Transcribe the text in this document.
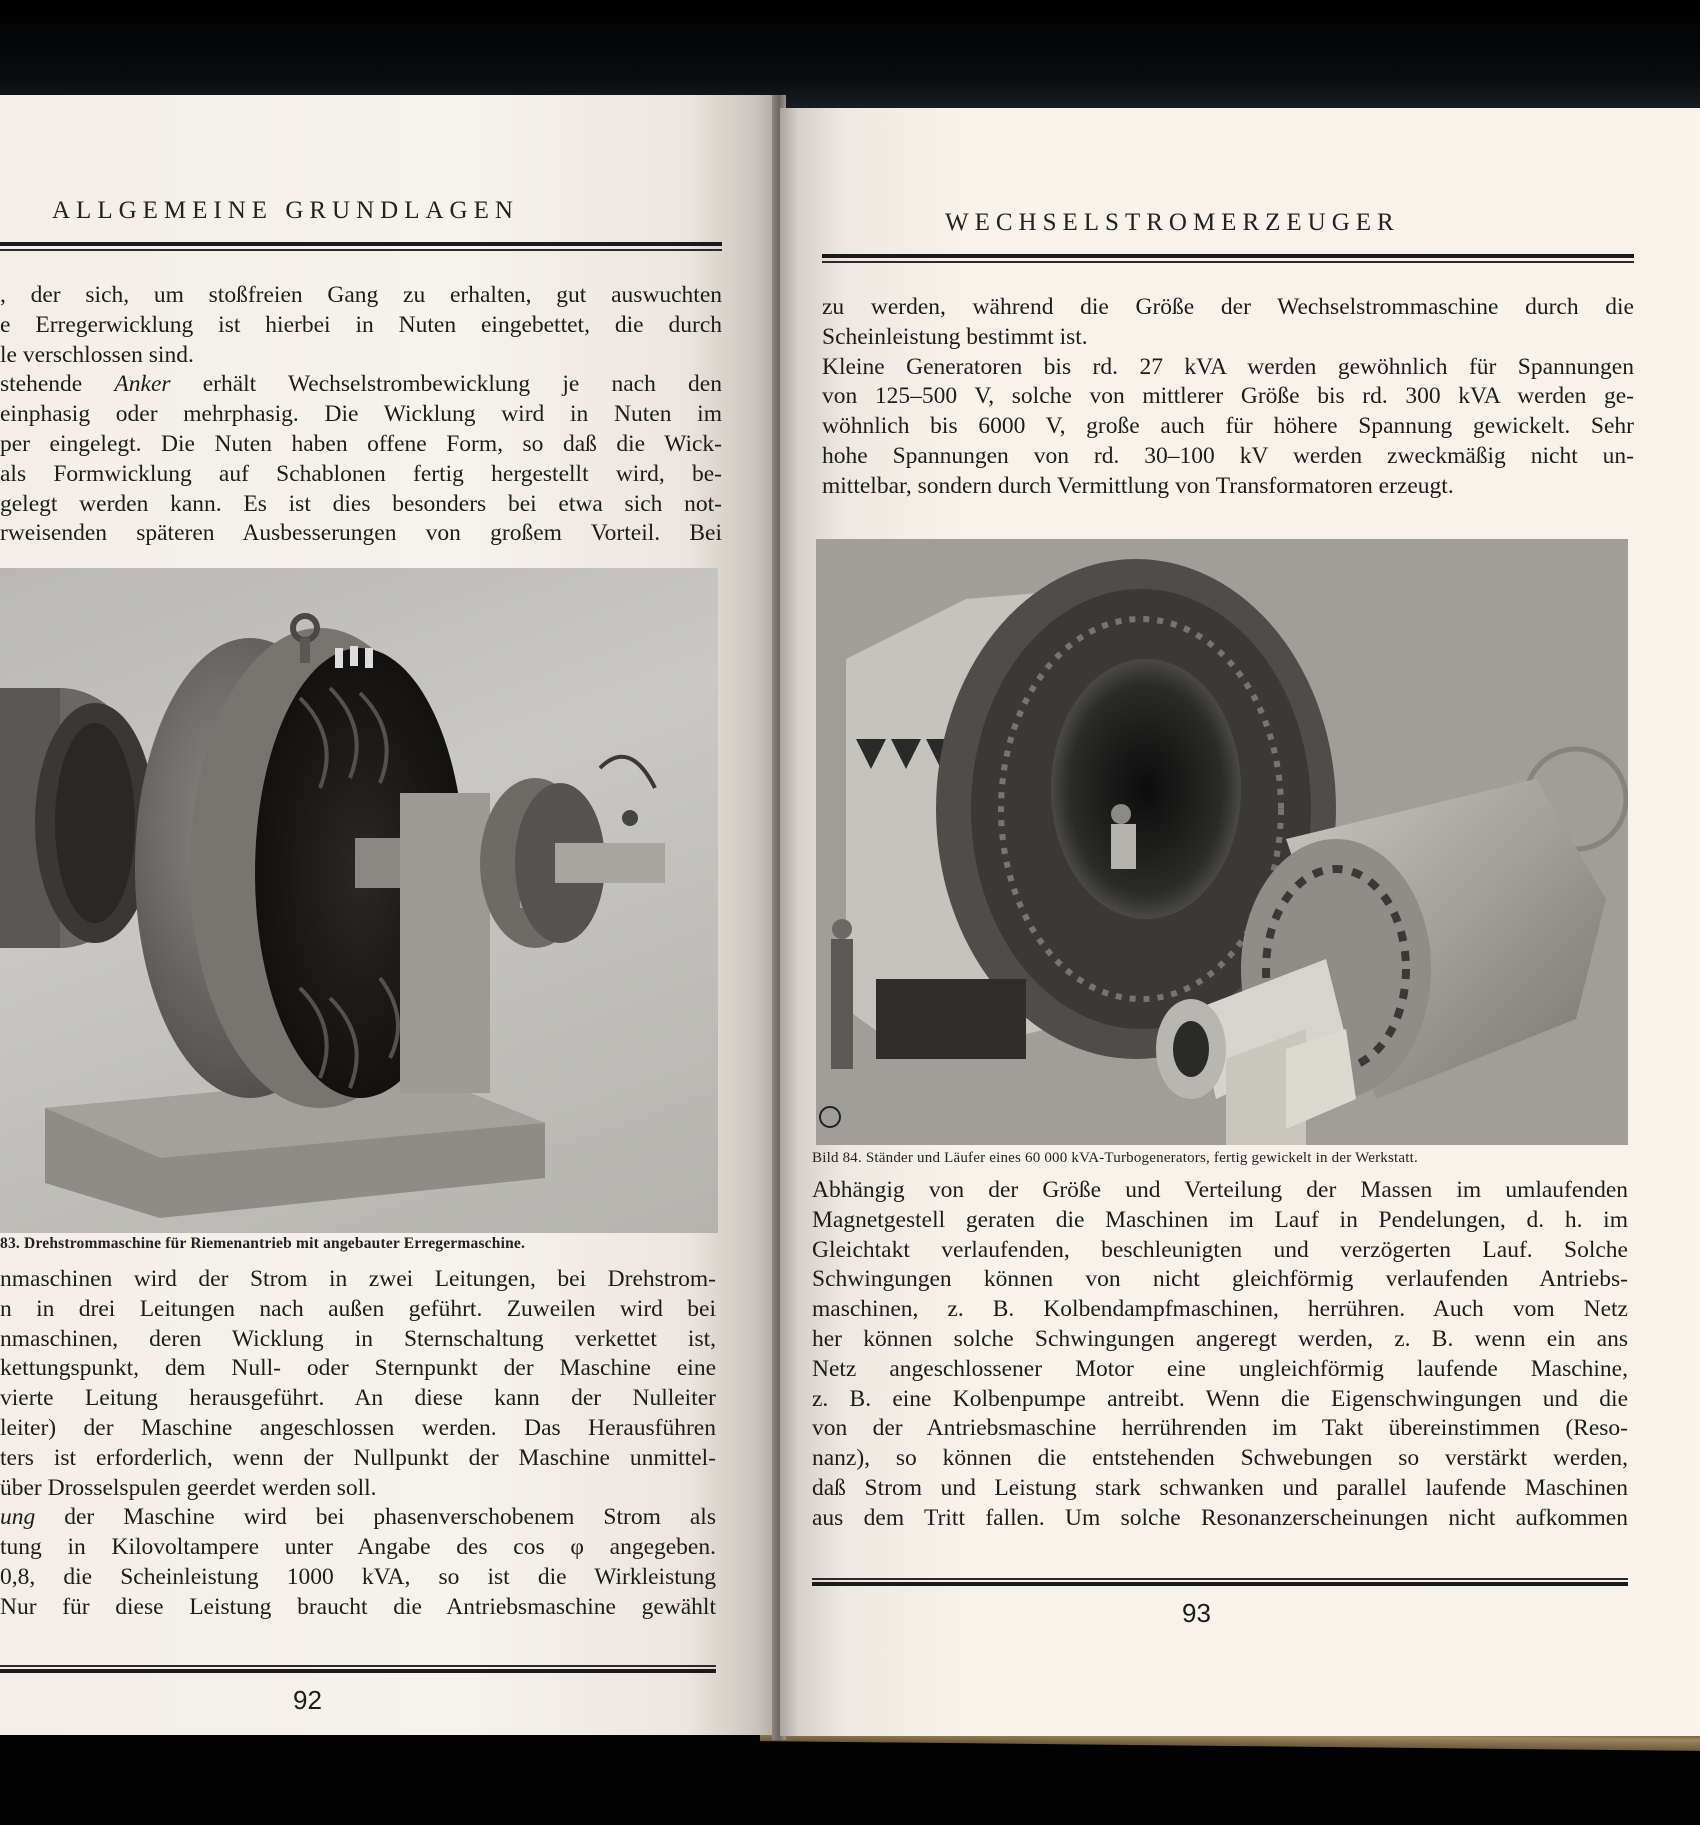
ALLGEMEINE GRUNDLAGEN
, der sich, um stoßfreien Gang zu erhalten, gut auswuchten
e Erregerwicklung ist hierbei in Nuten eingebettet, die durch
le verschlossen sind.
stehende Anker erhält Wechselstrombewicklung je nach den
einphasig oder mehrphasig. Die Wicklung wird in Nuten im
per eingelegt. Die Nuten haben offene Form, so daß die Wick-
als Formwicklung auf Schablonen fertig hergestellt wird, be-
gelegt werden kann. Es ist dies besonders bei etwa sich not-
rweisenden späteren Ausbesserungen von großem Vorteil. Bei
83. Drehstrommaschine für Riemenantrieb mit angebauter Erregermaschine.
nmaschinen wird der Strom in zwei Leitungen, bei Drehstrom-
n in drei Leitungen nach außen geführt. Zuweilen wird bei
nmaschinen, deren Wicklung in Sternschaltung verkettet ist,
kettungspunkt, dem Null- oder Sternpunkt der Maschine eine
vierte Leitung herausgeführt. An diese kann der Nulleiter
leiter) der Maschine angeschlossen werden. Das Herausführen
ters ist erforderlich, wenn der Nullpunkt der Maschine unmittel-
über Drosselspulen geerdet werden soll.
ung der Maschine wird bei phasenverschobenem Strom als
tung in Kilovoltampere unter Angabe des cos φ angegeben.
0,8, die Scheinleistung 1000 kVA, so ist die Wirkleistung
Nur für diese Leistung braucht die Antriebsmaschine gewählt
92
WECHSELSTROMERZEUGER
zu werden, während die Größe der Wechselstrommaschine durch die
Scheinleistung bestimmt ist.
Kleine Generatoren bis rd. 27 kVA werden gewöhnlich für Spannungen
von 125–500 V, solche von mittlerer Größe bis rd. 300 kVA werden ge-
wöhnlich bis 6000 V, große auch für höhere Spannung gewickelt. Sehr
hohe Spannungen von rd. 30–100 kV werden zweckmäßig nicht un-
mittelbar, sondern durch Vermittlung von Transformatoren erzeugt.
Bild 84. Ständer und Läufer eines 60 000 kVA-Turbogenerators, fertig gewickelt in der Werkstatt.
Abhängig von der Größe und Verteilung der Massen im umlaufenden
Magnetgestell geraten die Maschinen im Lauf in Pendelungen, d. h. im
Gleichtakt verlaufenden, beschleunigten und verzögerten Lauf. Solche
Schwingungen können von nicht gleichförmig verlaufenden Antriebs-
maschinen, z. B. Kolbendampfmaschinen, herrühren. Auch vom Netz
her können solche Schwingungen angeregt werden, z. B. wenn ein ans
Netz angeschlossener Motor eine ungleichförmig laufende Maschine,
z. B. eine Kolbenpumpe antreibt. Wenn die Eigenschwingungen und die
von der Antriebsmaschine herrührenden im Takt übereinstimmen (Reso-
nanz), so können die entstehenden Schwebungen so verstärkt werden,
daß Strom und Leistung stark schwanken und parallel laufende Maschinen
aus dem Tritt fallen. Um solche Resonanzerscheinungen nicht aufkommen
93
